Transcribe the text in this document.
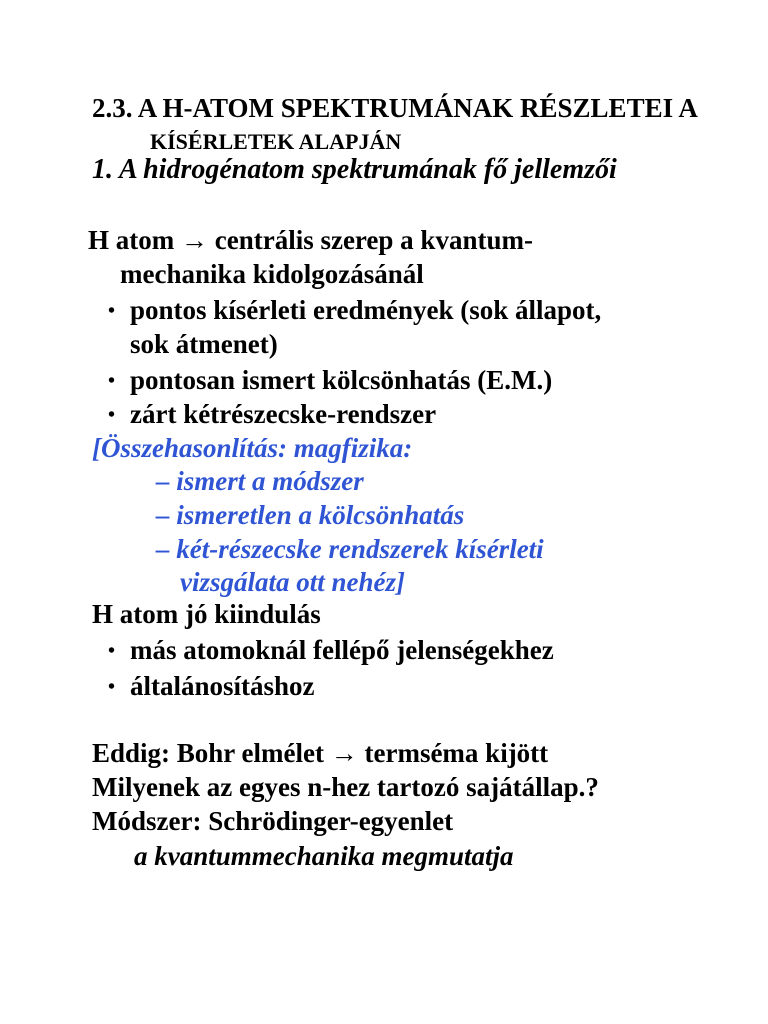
2.3. A H-ATOM SPEKTRUMÁNAK RÉSZLETEI A
KÍSÉRLETEK ALAPJÁN
1. A hidrogénatom spektrumának fő jellemzői
H atom → centrális szerep a kvantum-
mechanika kidolgozásánál
• pontos kísérleti eredmények (sok állapot,
sok átmenet)
• pontosan ismert kölcsönhatás (E.M.)
• zárt kétrészecske-rendszer
[Összehasonlítás: magfizika:
– ismert a módszer
– ismeretlen a kölcsönhatás
– két-részecske rendszerek kísérleti
vizsgálata ott nehéz]
H atom jó kiindulás
• más atomoknál fellépő jelenségekhez
• általánosításhoz
Eddig: Bohr elmélet → termséma kijött
Milyenek az egyes n-hez tartozó sajátállap.?
Módszer: Schrödinger-egyenlet
a kvantummechanika megmutatja
